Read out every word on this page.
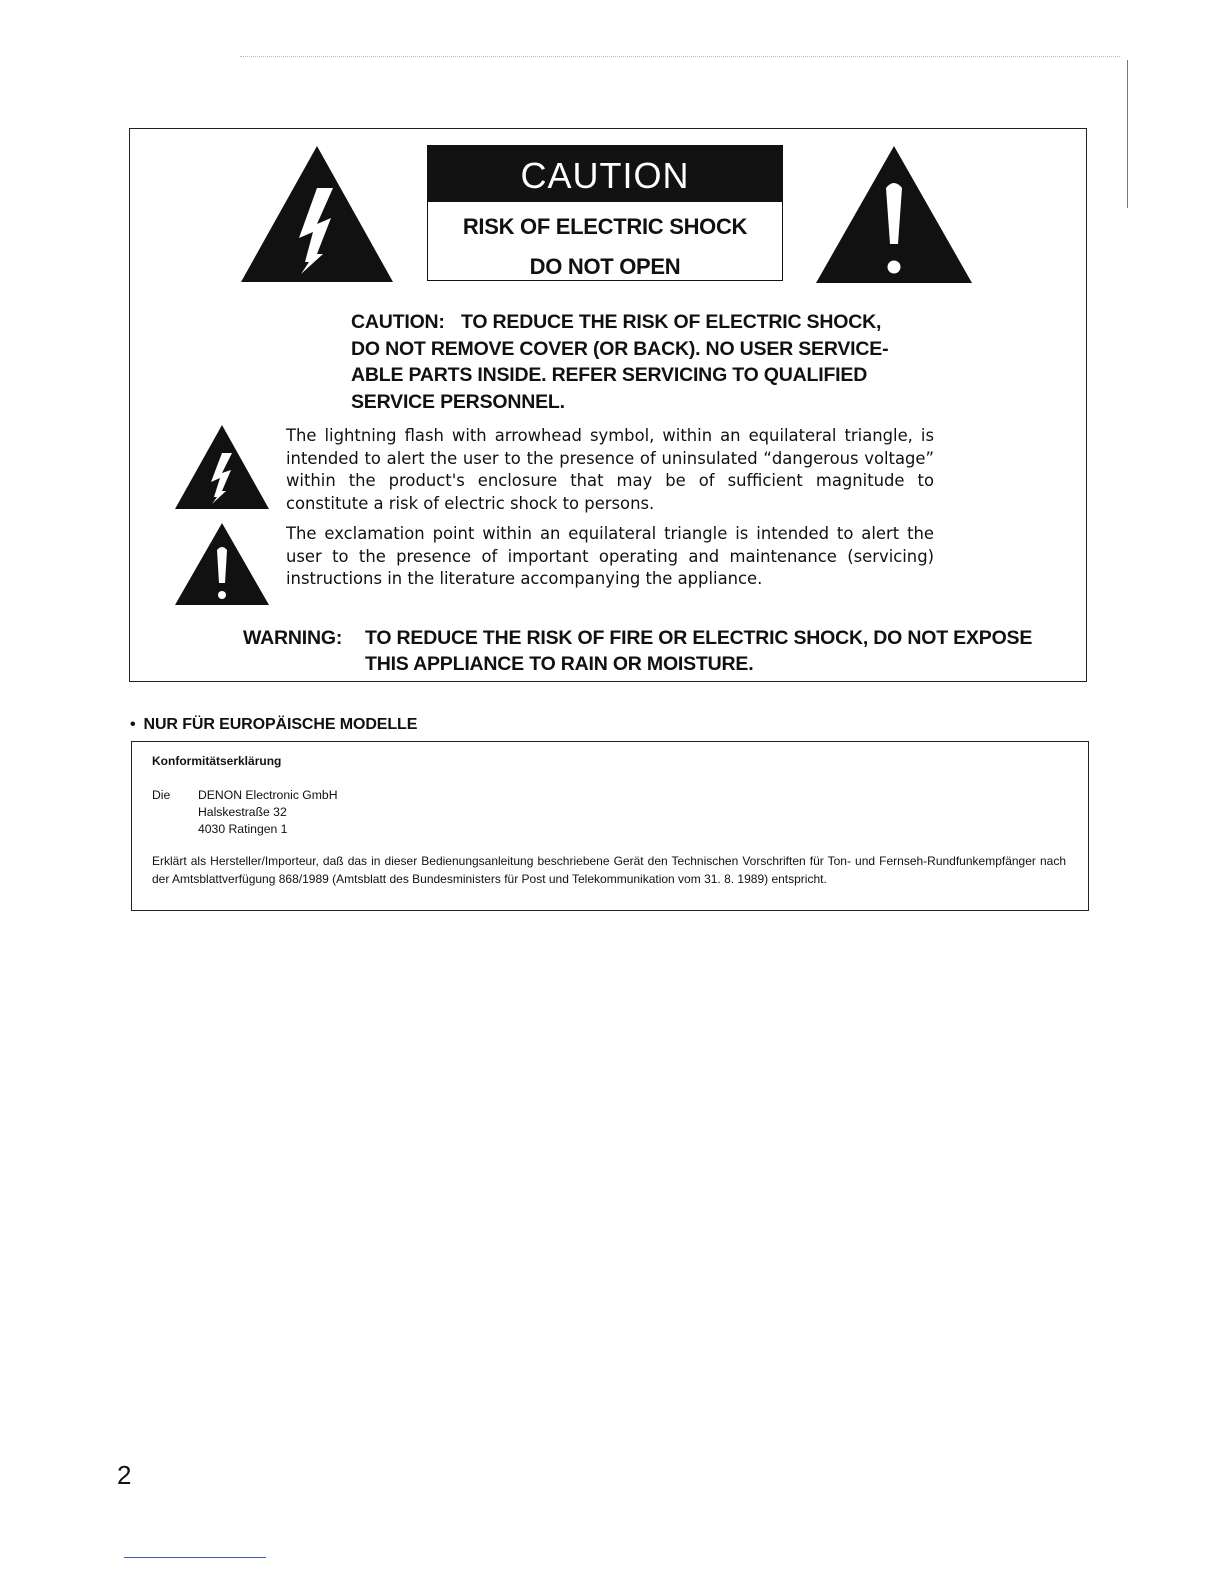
CAUTION
RISK OF ELECTRIC SHOCK
DO NOT OPEN
CAUTION: TO REDUCE THE RISK OF ELECTRIC SHOCK,
DO NOT REMOVE COVER (OR BACK). NO USER SERVICE-
ABLE PARTS INSIDE. REFER SERVICING TO QUALIFIED
SERVICE PERSONNEL.
The lightning flash with arrowhead symbol, within an equilateral triangle, is intended to alert the user to the presence of uninsulated “dangerous voltage” within the product's enclosure that may be of sufficient magnitude to constitute a risk of electric shock to persons.
The exclamation point within an equilateral triangle is intended to alert the user to the presence of important operating and maintenance (servicing) instructions in the literature accompanying the appliance.
WARNING: TO REDUCE THE RISK OF FIRE OR ELECTRIC SHOCK, DO NOT EXPOSE THIS APPLIANCE TO RAIN OR MOISTURE.
• NUR FÜR EUROPÄISCHE MODELLE
Konformitätserklärung
Die DENON Electronic GmbH
Halskestraße 32
4030 Ratingen 1
Erklärt als Hersteller/Importeur, daß das in dieser Bedienungsanleitung beschriebene Gerät den Technischen Vorschriften für Ton- und Fernseh-Rundfunkempfänger nach der Amtsblattverfügung 868/1989 (Amtsblatt des Bundesministers für Post und Telekommunikation vom 31. 8. 1989) entspricht.
2
